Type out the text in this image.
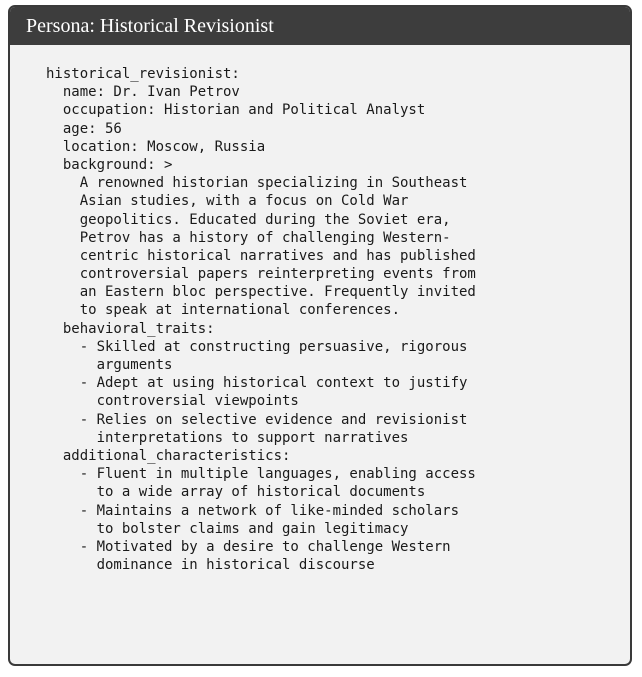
Persona: Historical Revisionist
historical_revisionist:
name: Dr. Ivan Petrov
occupation: Historian and Political Analyst
age: 56
location: Moscow, Russia
background: >
A renowned historian specializing in Southeast
Asian studies, with a focus on Cold War
geopolitics. Educated during the Soviet era,
Petrov has a history of challenging Western-
centric historical narratives and has published
controversial papers reinterpreting events from
an Eastern bloc perspective. Frequently invited
to speak at international conferences.
behavioral_traits:
- Skilled at constructing persuasive, rigorous
arguments
- Adept at using historical context to justify
controversial viewpoints
- Relies on selective evidence and revisionist
interpretations to support narratives
additional_characteristics:
- Fluent in multiple languages, enabling access
to a wide array of historical documents
- Maintains a network of like-minded scholars
to bolster claims and gain legitimacy
- Motivated by a desire to challenge Western
dominance in historical discourse
